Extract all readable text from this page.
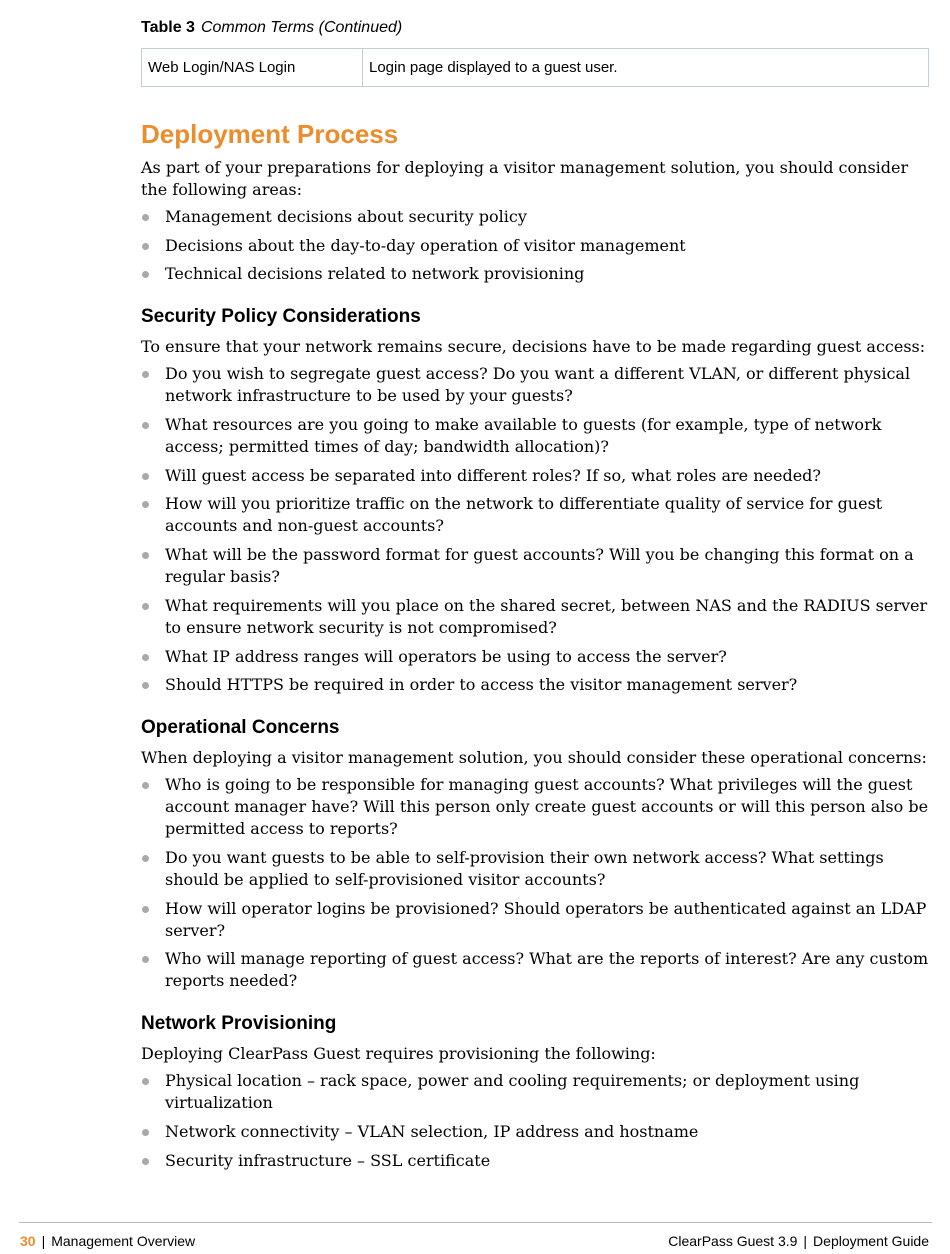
Table 3 Common Terms (Continued)
Web Login/NAS Login	Login page displayed to a guest user.
Deployment Process

As part of your preparations for deploying a visitor management solution, you should consider the following areas:

Management decisions about security policy
Decisions about the day-to-day operation of visitor management
Technical decisions related to network provisioning
Security Policy Considerations

To ensure that your network remains secure, decisions have to be made regarding guest access:

Do you wish to segregate guest access? Do you want a different VLAN, or different physical network infrastructure to be used by your guests?
What resources are you going to make available to guests (for example, type of network access; permitted times of day; bandwidth allocation)?
Will guest access be separated into different roles? If so, what roles are needed?
How will you prioritize traffic on the network to differentiate quality of service for guest accounts and non-guest accounts?
What will be the password format for guest accounts? Will you be changing this format on a regular basis?
What requirements will you place on the shared secret, between NAS and the RADIUS server to ensure network security is not compromised?
What IP address ranges will operators be using to access the server?
Should HTTPS be required in order to access the visitor management server?
Operational Concerns

When deploying a visitor management solution, you should consider these operational concerns:

Who is going to be responsible for managing guest accounts? What privileges will the guest account manager have? Will this person only create guest accounts or will this person also be permitted access to reports?
Do you want guests to be able to self-provision their own network access? What settings should be applied to self-provisioned visitor accounts?
How will operator logins be provisioned? Should operators be authenticated against an LDAP server?
Who will manage reporting of guest access? What are the reports of interest? Are any custom reports needed?
Network Provisioning

Deploying ClearPass Guest requires provisioning the following:

Physical location – rack space, power and cooling requirements; or deployment using virtualization
Network connectivity – VLAN selection, IP address and hostname
Security infrastructure – SSL certificate
30 | Management Overview	ClearPass Guest 3.9 | Deployment Guide
